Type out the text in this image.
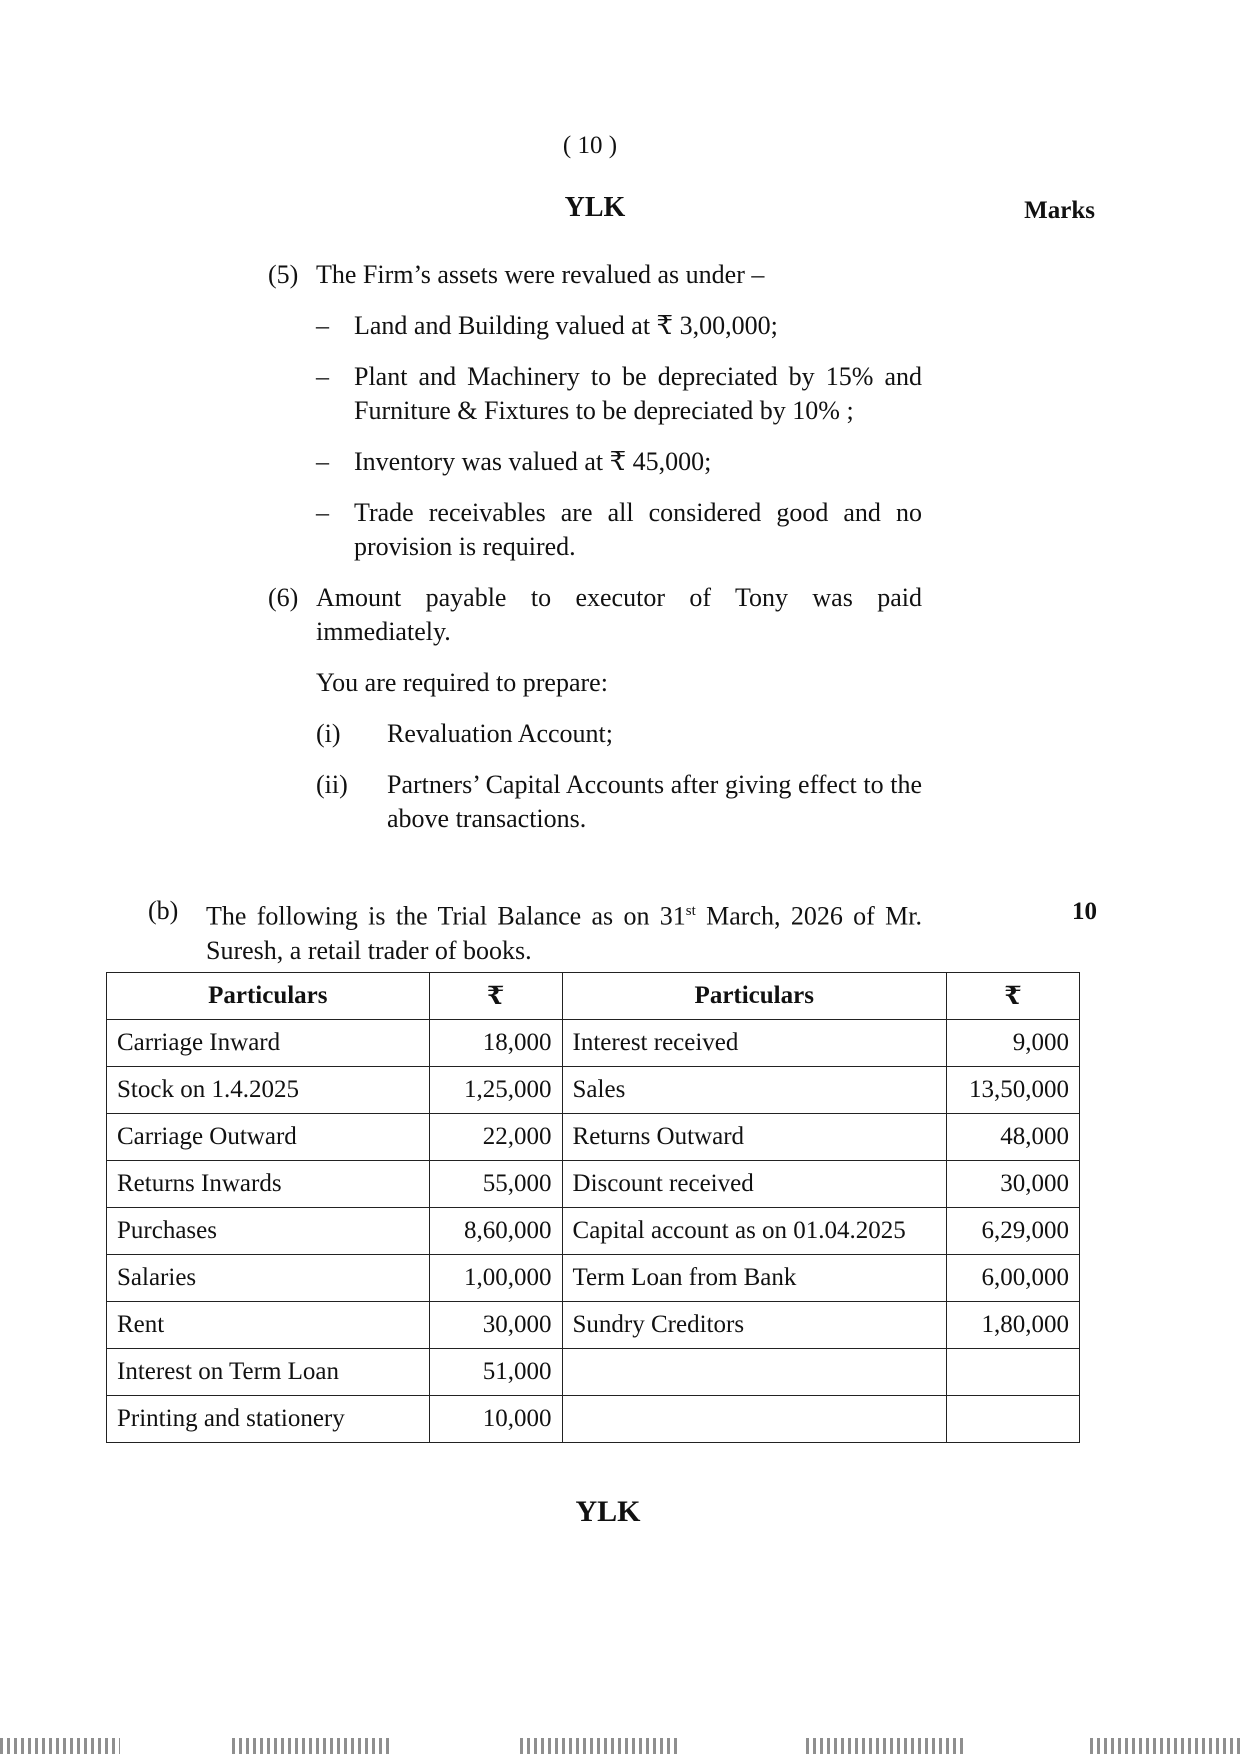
( 10 )
YLK	Marks
(5) The Firm’s assets were revalued as under –
– Land and Building valued at ₹ 3,00,000;
– Plant and Machinery to be depreciated by 15% and Furniture & Fixtures to be depreciated by 10% ;
– Inventory was valued at ₹ 45,000;
– Trade receivables are all considered good and no provision is required.
(6) Amount payable to executor of Tony was paid immediately.
You are required to prepare:
(i) Revaluation Account;
(ii) Partners’ Capital Accounts after giving effect to the above transactions.
(b) The following is the Trial Balance as on 31st March, 2026 of Mr. Suresh, a retail trader of books.
10
Particulars	₹	Particulars	₹
Carriage Inward	18,000	Interest received	9,000
Stock on 1.4.2025	1,25,000	Sales	13,50,000
Carriage Outward	22,000	Returns Outward	48,000
Returns Inwards	55,000	Discount received	30,000
Purchases	8,60,000	Capital account as on 01.04.2025	6,29,000
Salaries	1,00,000	Term Loan from Bank	6,00,000
Rent	30,000	Sundry Creditors	1,80,000
Interest on Term Loan	51,000		
Printing and stationery	10,000		
YLK
